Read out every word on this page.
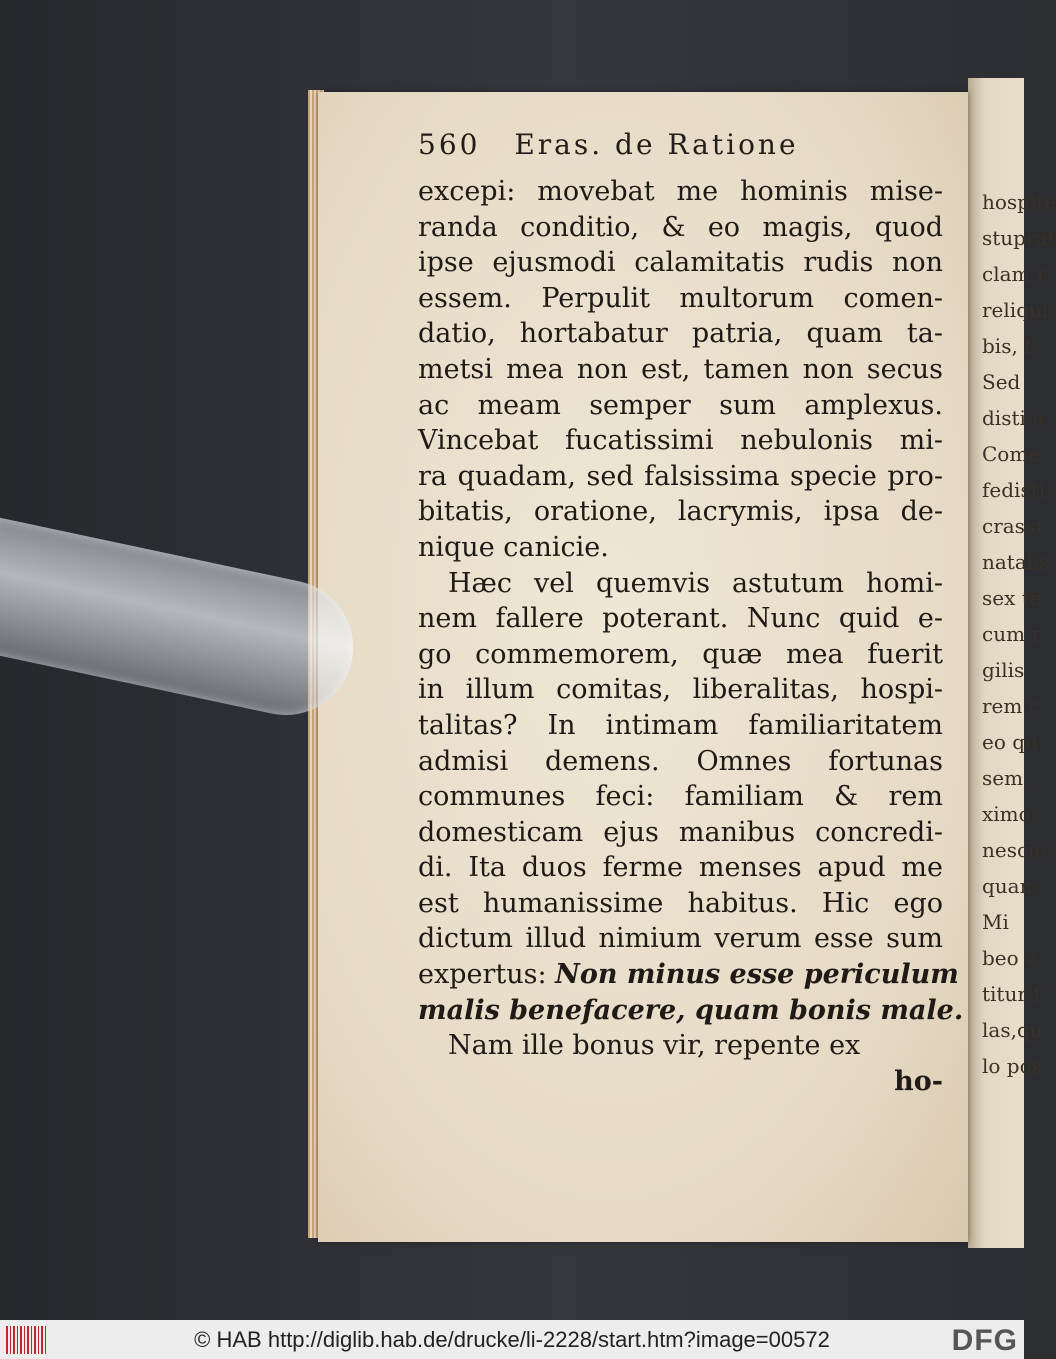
hospite
stuprat
clam r
reliqui
bis, f
Sed
disti a
Come
fedisti
crassi
natalis
sex te
cum r
gilis
rem c
eo qu
sem,
ximo
nescio
quam
Mi
beo v
titur f
las,qu
lo pos
560 Eras. de Ratione
excepi: movebat me hominis mise-
randa conditio, & eo magis, quod
ipse ejusmodi calamitatis rudis non
essem. Perpulit multorum comen-
datio, hortabatur patria, quam ta-
metsi mea non est, tamen non secus
ac meam semper sum amplexus.
Vincebat fucatissimi nebulonis mi-
ra quadam, sed falsissima specie pro-
bitatis, oratione, lacrymis, ipsa de-
nique canicie.
Hæc vel quemvis astutum homi-
nem fallere poterant. Nunc quid e-
go commemorem, quæ mea fuerit
in illum comitas, liberalitas, hospi-
talitas? In intimam familiaritatem
admisi demens. Omnes fortunas
communes feci: familiam & rem
domesticam ejus manibus concredi-
di. Ita duos ferme menses apud me
est humanissime habitus. Hic ego
dictum illud nimium verum esse sum
expertus: Non minus esse periculum
malis benefacere, quam bonis male.
Nam ille bonus vir, repente ex
ho-
© HAB http://diglib.hab.de/drucke/li-2228/start.htm?image=00572	DFG
